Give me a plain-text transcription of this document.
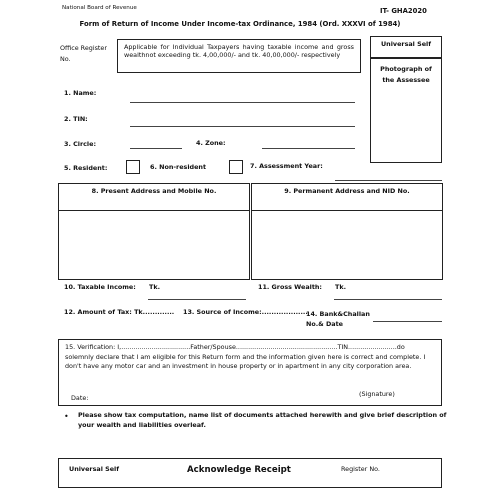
National Board of Revenue	IT- GHA2020
Form of Return of Income Under Income-tax Ordinance, 1984 (Ord. XXXVI of 1984)
Office Register
No.
Applicable for Individual Taxpayers having taxable income and gross wealthnot exceeding tk. 4,00,000/- and tk. 40,00,000/- respectively
Universal Self
Photograph of
the Assessee
1. Name:
2. TIN:
3. Circle:	4. Zone:
5. Resident:	6. Non-resident	7. Assessment Year:
8. Present Address and Mobile No.	9. Permanent Address and NID No.
10. Taxable Income: Tk.	11. Gross Wealth: Tk.
12. Amount of Tax: Tk............. 13. Source of Income:...................
14. Bank&Challan
No.& Date
15. Verification: I,..................................Father/Spouse..................................................TIN........................do
solemnly declare that I am eligible for this Return form and the information given here is correct and complete. I
don't have any motor car and an investment in house property or in apartment in any city corporation area.
(Signature)
Date:
• Please show tax computation, name list of documents attached herewith and give brief description of
your wealth and liabilities overleaf.
Universal Self	Acknowledge Receipt	Register No.
